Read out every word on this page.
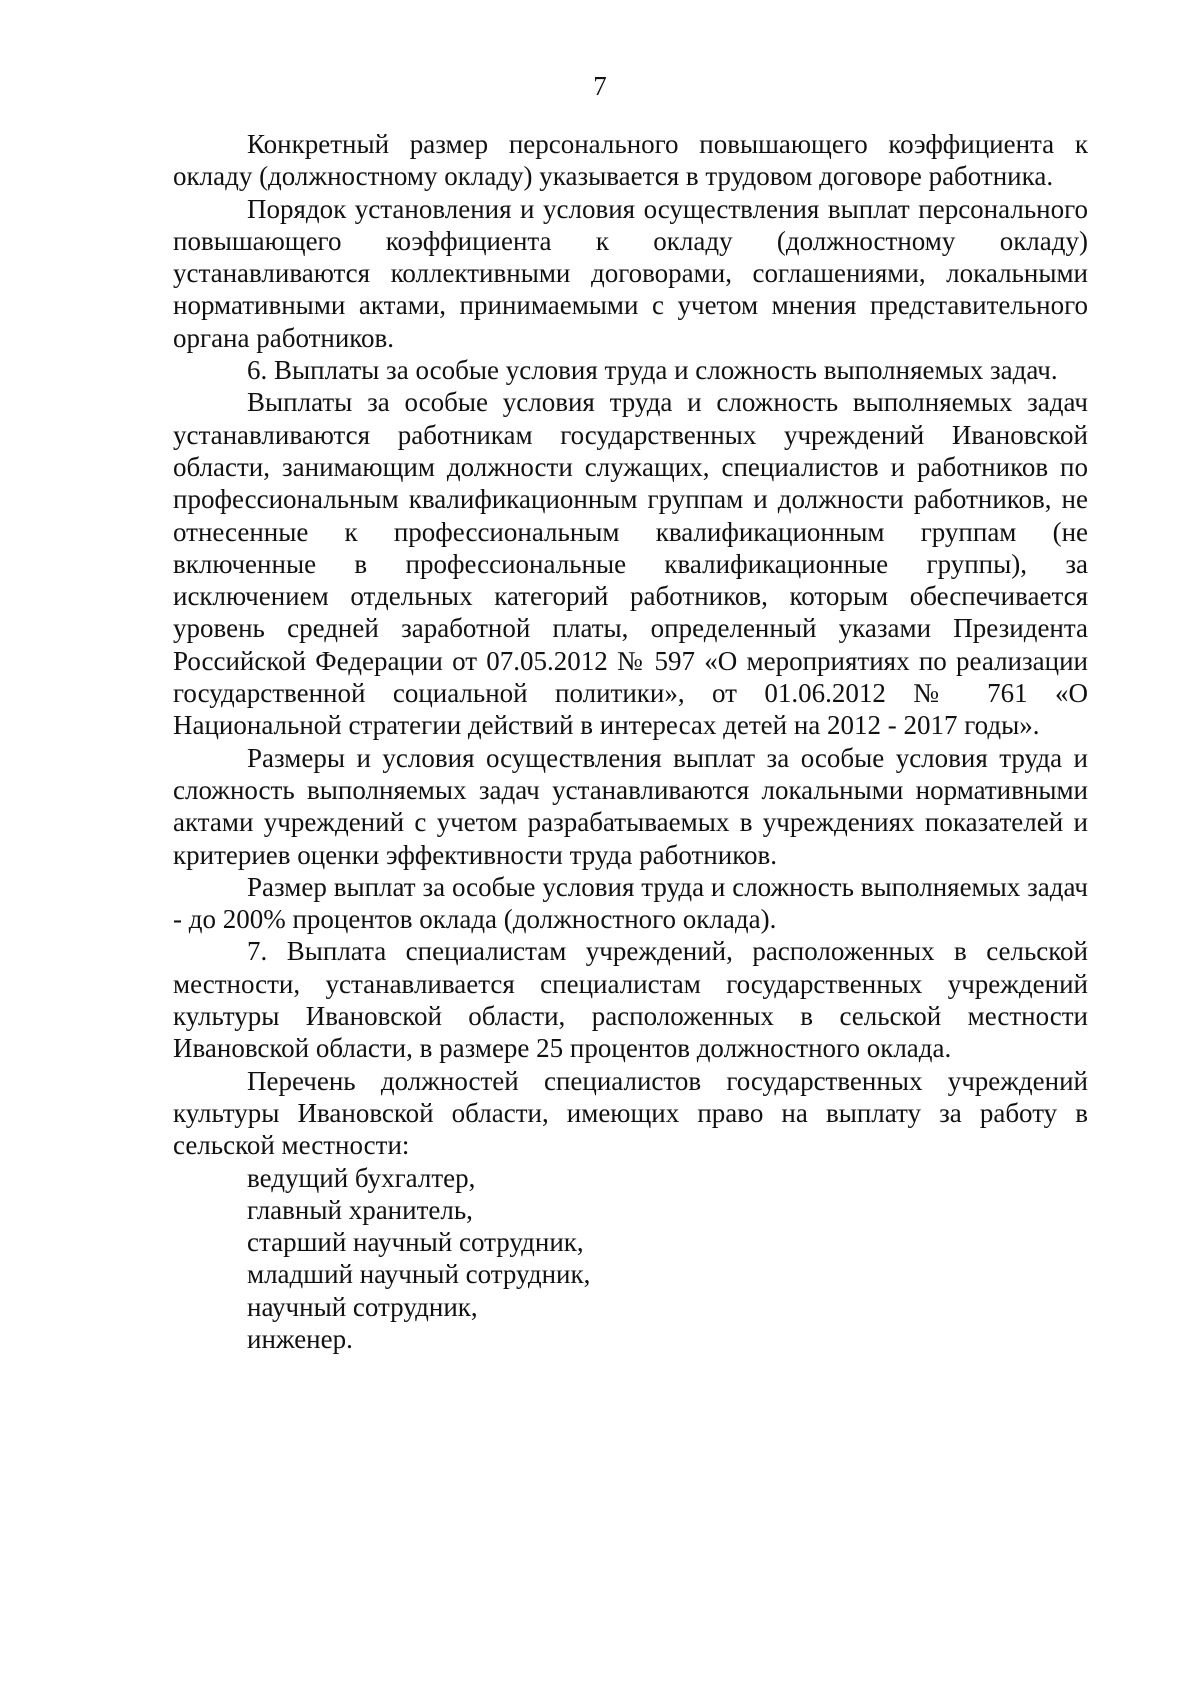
7

Конкретный размер персонального повышающего коэффициента к окладу (должностному окладу) указывается в трудовом договоре работника.

Порядок установления и условия осуществления выплат персонального повышающего коэффициента к окладу (должностному окладу) устанавливаются коллективными договорами, соглашениями, локальными нормативными актами, принимаемыми с учетом мнения представительного органа работников.

6. Выплаты за особые условия труда и сложность выполняемых задач.

Выплаты за особые условия труда и сложность выполняемых задач устанавливаются работникам государственных учреждений Ивановской области, занимающим должности служащих, специалистов и работников по профессиональным квалификационным группам и должности работников, не отнесенные к профессиональным квалификационным группам (не включенные в профессиональные квалификационные группы), за исключением отдельных категорий работников, которым обеспечивается уровень средней заработной платы, определенный указами Президента Российской Федерации от 07.05.2012 № 597 «О мероприятиях по реализации государственной социальной политики», от 01.06.2012 № 761 «О Национальной стратегии действий в интересах детей на 2012 - 2017 годы».

Размеры и условия осуществления выплат за особые условия труда и сложность выполняемых задач устанавливаются локальными нормативными актами учреждений с учетом разрабатываемых в учреждениях показателей и критериев оценки эффективности труда работников.

Размер выплат за особые условия труда и сложность выполняемых задач - до 200% процентов оклада (должностного оклада).

7. Выплата специалистам учреждений, расположенных в сельской местности, устанавливается специалистам государственных учреждений культуры Ивановской области, расположенных в сельской местности Ивановской области, в размере 25 процентов должностного оклада.

Перечень должностей специалистов государственных учреждений культуры Ивановской области, имеющих право на выплату за работу в сельской местности:

ведущий бухгалтер,
главный хранитель,
старший научный сотрудник,
младший научный сотрудник,
научный сотрудник,
инженер.
